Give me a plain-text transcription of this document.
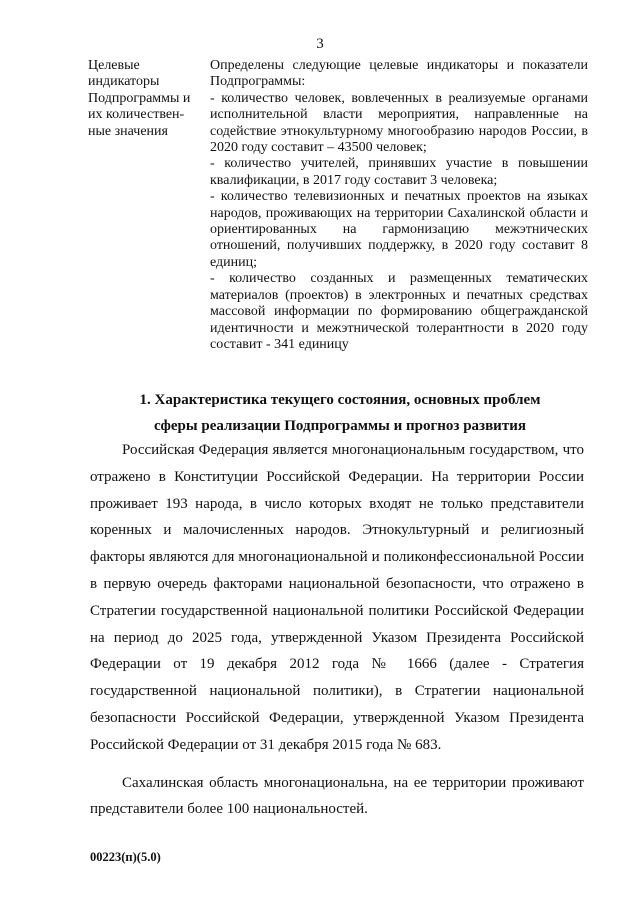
3
Целевые
индикаторы
Подпрограммы и
их количествен-
ные значения

Определены следующие целевые индикаторы и показатели Подпрограммы:

- количество человек, вовлеченных в реализуемые органами исполнительной власти мероприятия, направленные на содействие этнокультурному многообразию народов России, в 2020 году составит – 43500 человек;

- количество учителей, принявших участие в повышении квалификации, в 2017 году составит 3 человека;

- количество телевизионных и печатных проектов на языках народов, проживающих на территории Сахалинской области и ориентированных на гармонизацию межэтнических отношений, получивших поддержку, в 2020 году составит 8 единиц;

- количество созданных и размещенных тематических материалов (проектов) в электронных и печатных средствах массовой информации по формированию общегражданской идентичности и межэтнической толерантности в 2020 году составит - 341 единицу

1. Характеристика текущего состояния, основных проблем
сферы реализации Подпрограммы и прогноз развития

Российская Федерация является многонациональным государством, что отражено в Конституции Российской Федерации. На территории России проживает 193 народа, в число которых входят не только представители коренных и малочисленных народов. Этнокультурный и религиозный факторы являются для многонациональной и поликонфессиональной России в первую очередь факторами национальной безопасности, что отражено в Стратегии государственной национальной политики Российской Федерации на период до 2025 года, утвержденной Указом Президента Российской Федерации от 19 декабря 2012 года № 1666 (далее - Стратегия государственной национальной политики), в Стратегии национальной безопасности Российской Федерации, утвержденной Указом Президента Российской Федерации от 31 декабря 2015 года № 683.

Сахалинская область многонациональна, на ее территории проживают представители более 100 национальностей.

00223(п)(5.0)
